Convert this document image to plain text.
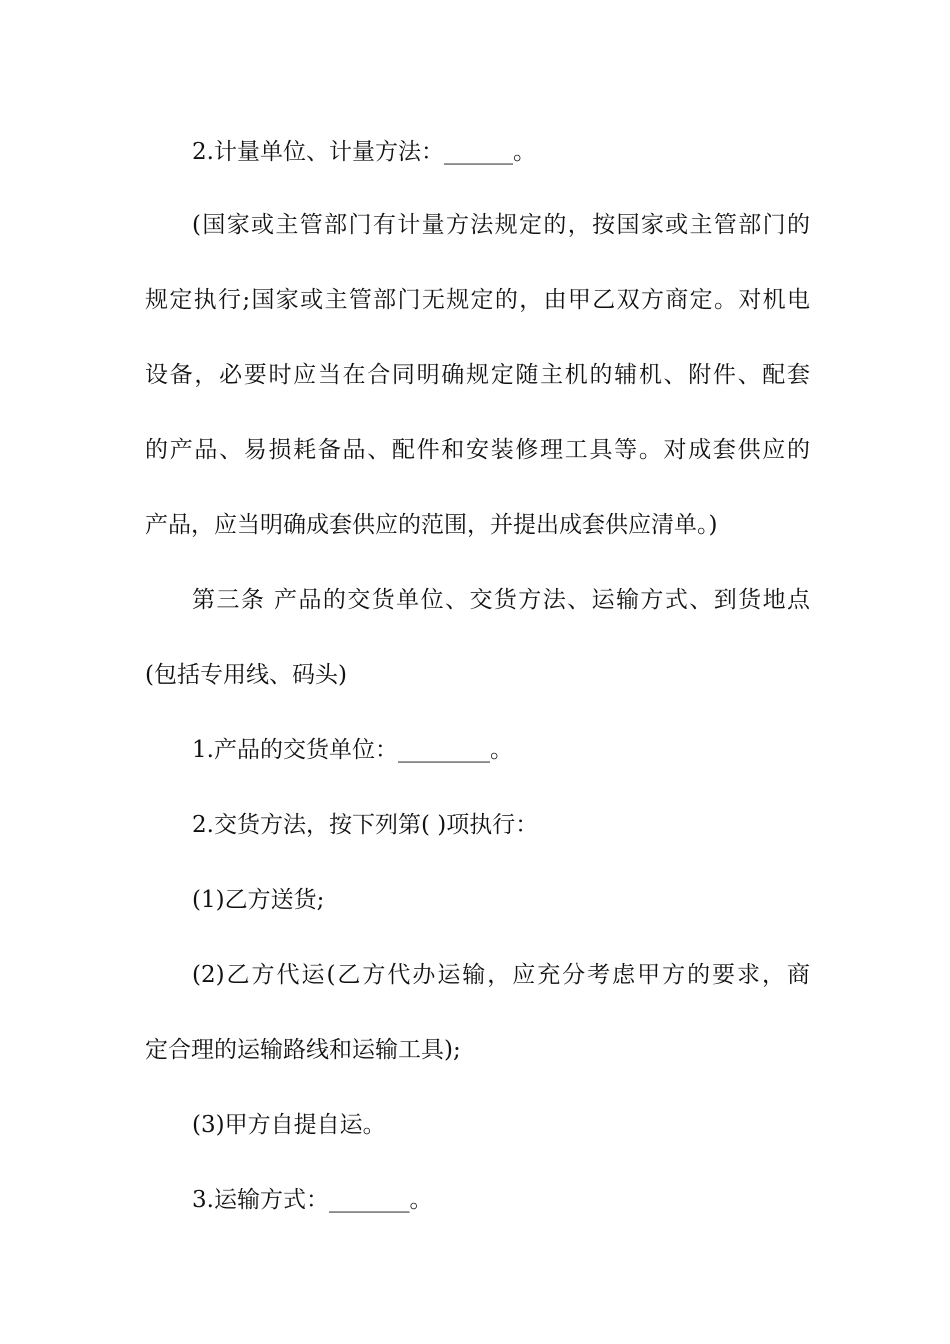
2.计量单位、计量方法：______。
(国家或主管部门有计量方法规定的，按国家或主管部门的
规定执行;国家或主管部门无规定的，由甲乙双方商定。对机电
设备，必要时应当在合同明确规定随主机的辅机、附件、配套
的产品、易损耗备品、配件和安装修理工具等。对成套供应的
产品，应当明确成套供应的范围，并提出成套供应清单。)
第三条 产品的交货单位、交货方法、运输方式、到货地点
(包括专用线、码头)
1.产品的交货单位：________。
2.交货方法，按下列第( )项执行：
(1)乙方送货;
(2)乙方代运(乙方代办运输，应充分考虑甲方的要求，商
定合理的运输路线和运输工具);
(3)甲方自提自运。
3.运输方式：_______。
